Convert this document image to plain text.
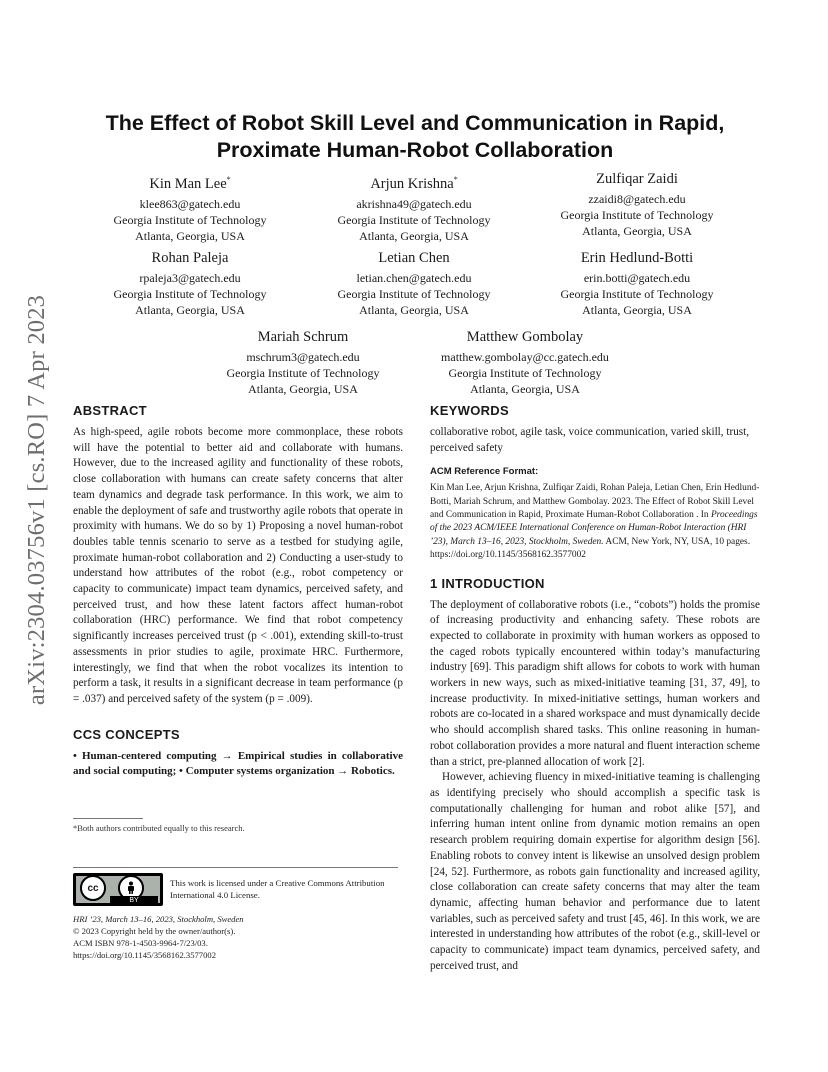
arXiv:2304.03756v1 [cs.RO] 7 Apr 2023
The Effect of Robot Skill Level and Communication in Rapid,
Proximate Human-Robot Collaboration
Kin Man Lee*
klee863@gatech.edu
Georgia Institute of Technology
Atlanta, Georgia, USA
Arjun Krishna*
akrishna49@gatech.edu
Georgia Institute of Technology
Atlanta, Georgia, USA
Zulfiqar Zaidi
zzaidi8@gatech.edu
Georgia Institute of Technology
Atlanta, Georgia, USA
Rohan Paleja
rpaleja3@gatech.edu
Georgia Institute of Technology
Atlanta, Georgia, USA
Letian Chen
letian.chen@gatech.edu
Georgia Institute of Technology
Atlanta, Georgia, USA
Erin Hedlund-Botti
erin.botti@gatech.edu
Georgia Institute of Technology
Atlanta, Georgia, USA
Mariah Schrum
mschrum3@gatech.edu
Georgia Institute of Technology
Atlanta, Georgia, USA
Matthew Gombolay
matthew.gombolay@cc.gatech.edu
Georgia Institute of Technology
Atlanta, Georgia, USA
ABSTRACT

As high-speed, agile robots become more commonplace, these robots will have the potential to better aid and collaborate with humans. However, due to the increased agility and functionality of these robots, close collaboration with humans can create safety concerns that alter team dynamics and degrade task performance. In this work, we aim to enable the deployment of safe and trustworthy agile robots that operate in proximity with humans. We do so by 1) Proposing a novel human-robot doubles table tennis scenario to serve as a testbed for studying agile, proximate human-robot collaboration and 2) Conducting a user-study to understand how attributes of the robot (e.g., robot competency or capacity to communicate) impact team dynamics, perceived safety, and perceived trust, and how these latent factors affect human-robot collaboration (HRC) performance. We find that robot competency significantly increases perceived trust (p < .001), extending skill-to-trust assessments in prior studies to agile, proximate HRC. Furthermore, interestingly, we find that when the robot vocalizes its intention to perform a task, it results in a significant decrease in team performance (p = .037) and perceived safety of the system (p = .009).

CCS CONCEPTS

• Human-centered computing → Empirical studies in collaborative and social computing; • Computer systems organization → Robotics.

*Both authors contributed equally to this research.
cc
BY
This work is licensed under a Creative Commons Attribution International 4.0 License.
HRI ’23, March 13–16, 2023, Stockholm, Sweden
© 2023 Copyright held by the owner/author(s).
ACM ISBN 978-1-4503-9964-7/23/03.
https://doi.org/10.1145/3568162.3577002
KEYWORDS

collaborative robot, agile task, voice communication, varied skill, trust, perceived safety

ACM Reference Format:

Kin Man Lee, Arjun Krishna, Zulfiqar Zaidi, Rohan Paleja, Letian Chen, Erin Hedlund-Botti, Mariah Schrum, and Matthew Gombolay. 2023. The Effect of Robot Skill Level and Communication in Rapid, Proximate Human-Robot Collaboration . In Proceedings of the 2023 ACM/IEEE International Conference on Human-Robot Interaction (HRI ’23), March 13–16, 2023, Stockholm, Sweden. ACM, New York, NY, USA, 10 pages. https://doi.org/10.1145/3568162.3577002

1 INTRODUCTION

The deployment of collaborative robots (i.e., “cobots”) holds the promise of increasing productivity and enhancing safety. These robots are expected to collaborate in proximity with human workers as opposed to the caged robots typically encountered within today’s manufacturing industry [69]. This paradigm shift allows for cobots to work with human workers in new ways, such as mixed-initiative teaming [31, 37, 49], to increase productivity. In mixed-initiative settings, human workers and robots are co-located in a shared workspace and must dynamically decide who should accomplish shared tasks. This online reasoning in human-robot collaboration provides a more natural and fluent interaction scheme than a strict, pre-planned allocation of work [2].

However, achieving fluency in mixed-initiative teaming is challenging as identifying precisely who should accomplish a specific task is computationally challenging for human and robot alike [57], and inferring human intent online from dynamic motion remains an open research problem requiring domain expertise for algorithm design [56]. Enabling robots to convey intent is likewise an unsolved design problem [24, 52]. Furthermore, as robots gain functionality and increased agility, close collaboration can create safety concerns that may alter the team dynamic, affecting human behavior and performance due to latent variables, such as perceived safety and trust [45, 46]. In this work, we are interested in understanding how attributes of the robot (e.g., skill-level or capacity to communicate) impact team dynamics, perceived safety, and perceived trust, and
